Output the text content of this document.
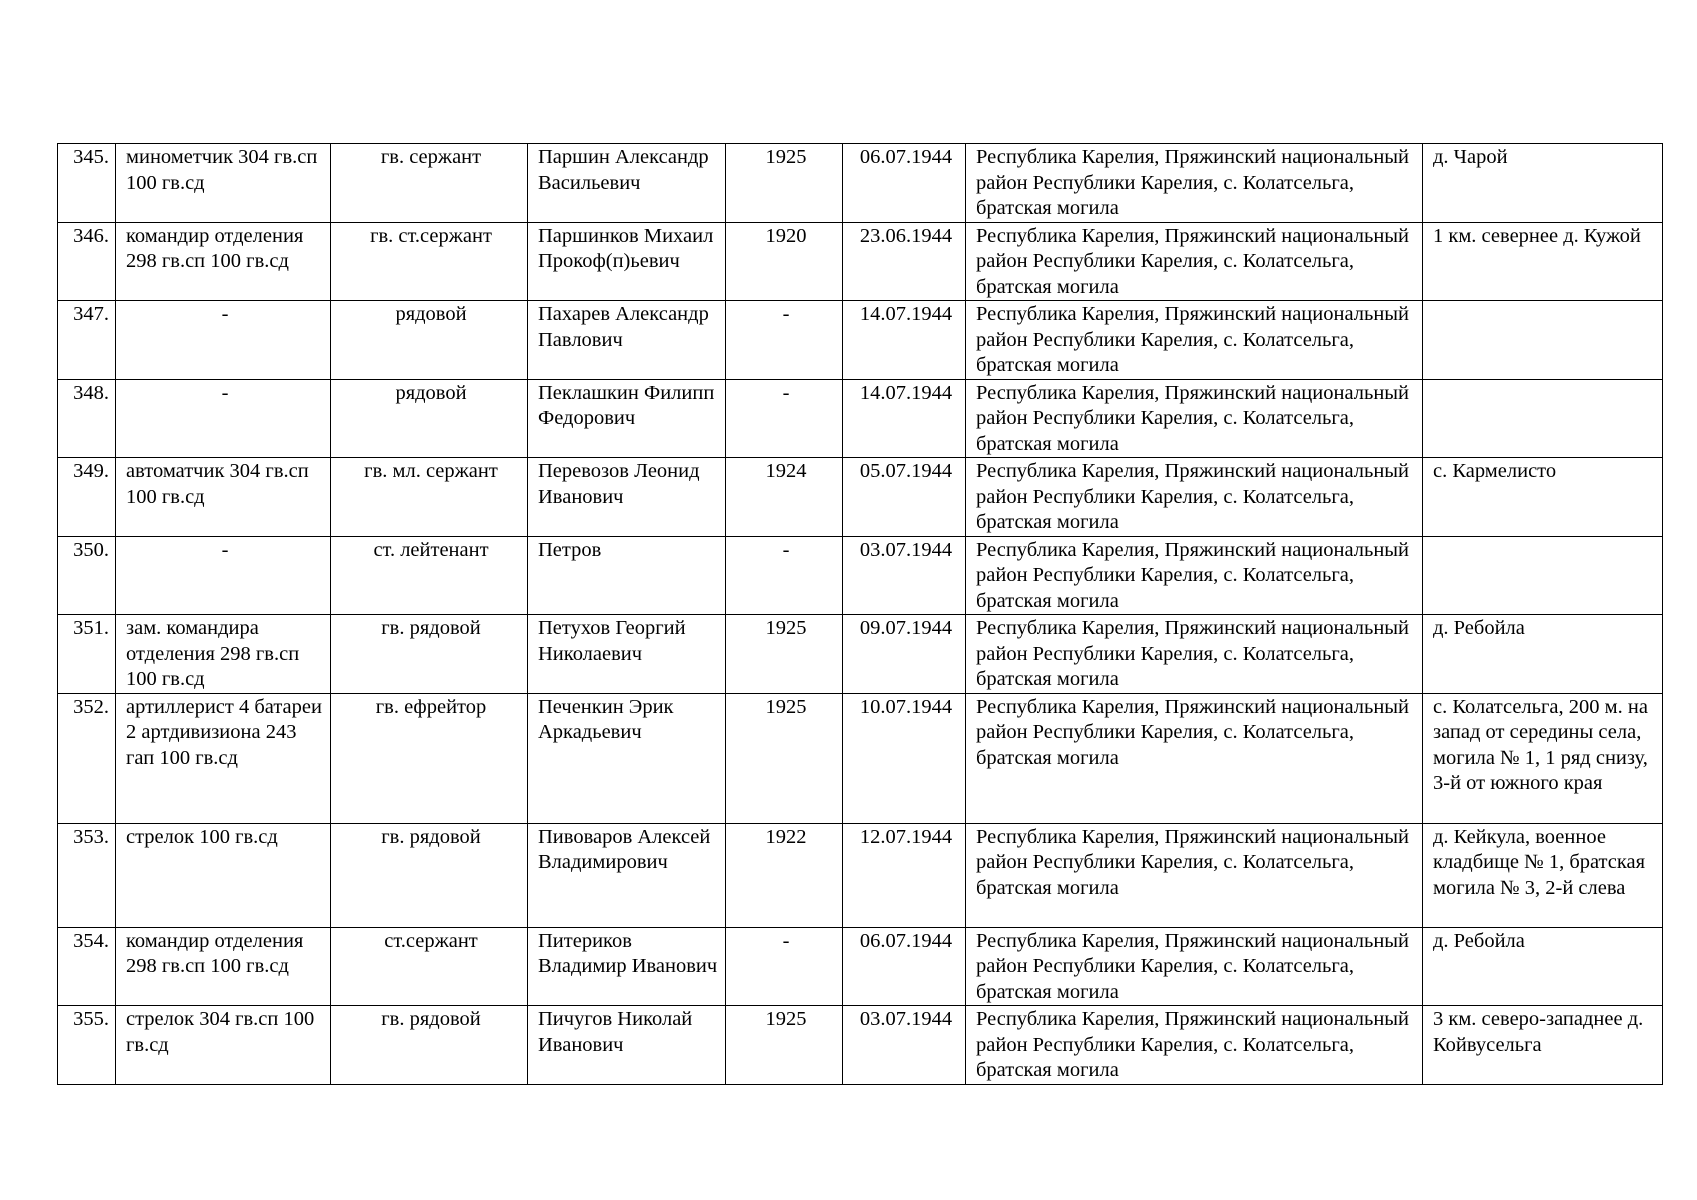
345.	минометчик 304 гв.сп 100 гв.сд	гв. сержант	Паршин Александр Васильевич	1925	06.07.1944	Республика Карелия, Пряжинский национальный район Республики Карелия, с. Колатсельга, братская могила	д. Чарой
346.	командир отделения 298 гв.сп 100 гв.сд	гв. ст.сержант	Паршинков Михаил Прокоф(п)ьевич	1920	23.06.1944	Республика Карелия, Пряжинский национальный район Республики Карелия, с. Колатсельга, братская могила	1 км. севернее д. Кужой
347.	-	рядовой	Пахарев Александр Павлович	-	14.07.1944	Республика Карелия, Пряжинский национальный район Республики Карелия, с. Колатсельга, братская могила	
348.	-	рядовой	Пеклашкин Филипп Федорович	-	14.07.1944	Республика Карелия, Пряжинский национальный район Республики Карелия, с. Колатсельга, братская могила	
349.	автоматчик 304 гв.сп 100 гв.сд	гв. мл. сержант	Перевозов Леонид Иванович	1924	05.07.1944	Республика Карелия, Пряжинский национальный район Республики Карелия, с. Колатсельга, братская могила	с. Кармелисто
350.	-	ст. лейтенант	Петров	-	03.07.1944	Республика Карелия, Пряжинский национальный район Республики Карелия, с. Колатсельга, братская могила	
351.	зам. командира отделения 298 гв.сп 100 гв.сд	гв. рядовой	Петухов Георгий Николаевич	1925	09.07.1944	Республика Карелия, Пряжинский национальный район Республики Карелия, с. Колатсельга, братская могила	д. Ребойла
352.	артиллерист 4 батареи 2 артдивизиона 243 гап 100 гв.сд	гв. ефрейтор	Печенкин Эрик Аркадьевич	1925	10.07.1944	Республика Карелия, Пряжинский национальный район Республики Карелия, с. Колатсельга, братская могила	с. Колатсельга, 200 м. на запад от середины села, могила № 1, 1 ряд снизу, 3-й от южного края
353.	стрелок 100 гв.сд	гв. рядовой	Пивоваров Алексей Владимирович	1922	12.07.1944	Республика Карелия, Пряжинский национальный район Республики Карелия, с. Колатсельга, братская могила	д. Кейкула, военное кладбище № 1, братская могила № 3, 2-й слева
354.	командир отделения 298 гв.сп 100 гв.сд	ст.сержант	Питериков Владимир Иванович	-	06.07.1944	Республика Карелия, Пряжинский национальный район Республики Карелия, с. Колатсельга, братская могила	д. Ребойла
355.	стрелок 304 гв.сп 100 гв.сд	гв. рядовой	Пичугов Николай Иванович	1925	03.07.1944	Республика Карелия, Пряжинский национальный район Республики Карелия, с. Колатсельга, братская могила	3 км. северо-западнее д. Койвусельга
